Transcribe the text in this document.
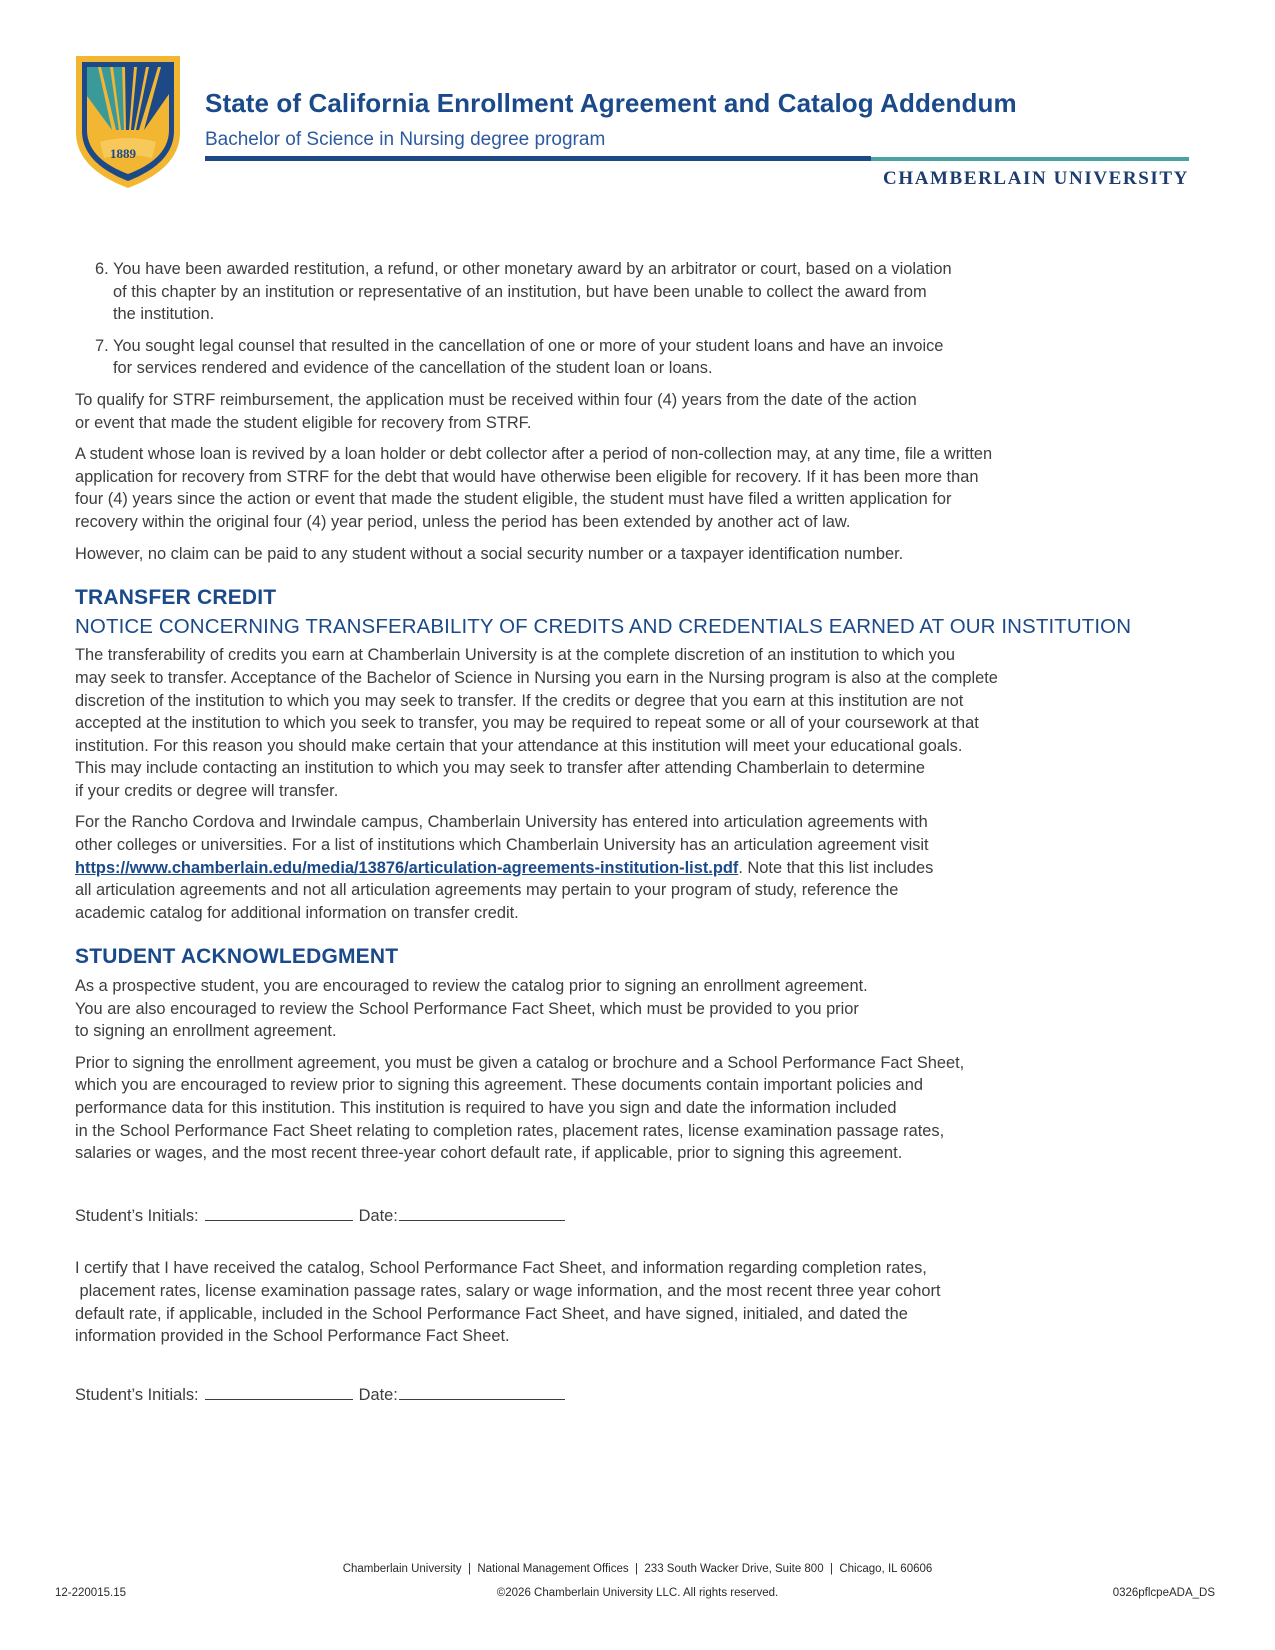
1889
State of California Enrollment Agreement and Catalog Addendum
Bachelor of Science in Nursing degree program
CHAMBERLAIN UNIVERSITY
6. You have been awarded restitution, a refund, or other monetary award by an arbitrator or court, based on a violation
of this chapter by an institution or representative of an institution, but have been unable to collect the award from
the institution.
7. You sought legal counsel that resulted in the cancellation of one or more of your student loans and have an invoice
for services rendered and evidence of the cancellation of the student loan or loans.

To qualify for STRF reimbursement, the application must be received within four (4) years from the date of the action
or event that made the student eligible for recovery from STRF.

A student whose loan is revived by a loan holder or debt collector after a period of non-collection may, at any time, file a written
application for recovery from STRF for the debt that would have otherwise been eligible for recovery. If it has been more than
four (4) years since the action or event that made the student eligible, the student must have filed a written application for
recovery within the original four (4) year period, unless the period has been extended by another act of law.

However, no claim can be paid to any student without a social security number or a taxpayer identification number.

TRANSFER CREDIT
NOTICE CONCERNING TRANSFERABILITY OF CREDITS AND CREDENTIALS EARNED AT OUR INSTITUTION

The transferability of credits you earn at Chamberlain University is at the complete discretion of an institution to which you
may seek to transfer. Acceptance of the Bachelor of Science in Nursing you earn in the Nursing program is also at the complete
discretion of the institution to which you may seek to transfer. If the credits or degree that you earn at this institution are not
accepted at the institution to which you seek to transfer, you may be required to repeat some or all of your coursework at that
institution. For this reason you should make certain that your attendance at this institution will meet your educational goals.
This may include contacting an institution to which you may seek to transfer after attending Chamberlain to determine
if your credits or degree will transfer.

For the Rancho Cordova and Irwindale campus, Chamberlain University has entered into articulation agreements with
other colleges or universities. For a list of institutions which Chamberlain University has an articulation agreement visit
https://www.chamberlain.edu/media/13876/articulation-agreements-institution-list.pdf. Note that this list includes
all articulation agreements and not all articulation agreements may pertain to your program of study, reference the
academic catalog for additional information on transfer credit.

STUDENT ACKNOWLEDGMENT

As a prospective student, you are encouraged to review the catalog prior to signing an enrollment agreement.
You are also encouraged to review the School Performance Fact Sheet, which must be provided to you prior
to signing an enrollment agreement.

Prior to signing the enrollment agreement, you must be given a catalog or brochure and a School Performance Fact Sheet,
which you are encouraged to review prior to signing this agreement. These documents contain important policies and
performance data for this institution. This institution is required to have you sign and date the information included
in the School Performance Fact Sheet relating to completion rates, placement rates, license examination passage rates,
salaries or wages, and the most recent three-year cohort default rate, if applicable, prior to signing this agreement.

Student’s Initials:	Date:

I certify that I have received the catalog, School Performance Fact Sheet, and information regarding completion rates,
placement rates, license examination passage rates, salary or wage information, and the most recent three year cohort
default rate, if applicable, included in the School Performance Fact Sheet, and have signed, initialed, and dated the
information provided in the School Performance Fact Sheet.

Student’s Initials:	Date:
Chamberlain University  |  National Management Offices  |  233 South Wacker Drive, Suite 800  |  Chicago, IL 60606
12-220015.15	©2026 Chamberlain University LLC. All rights reserved.	0326pflcpeADA_DS
